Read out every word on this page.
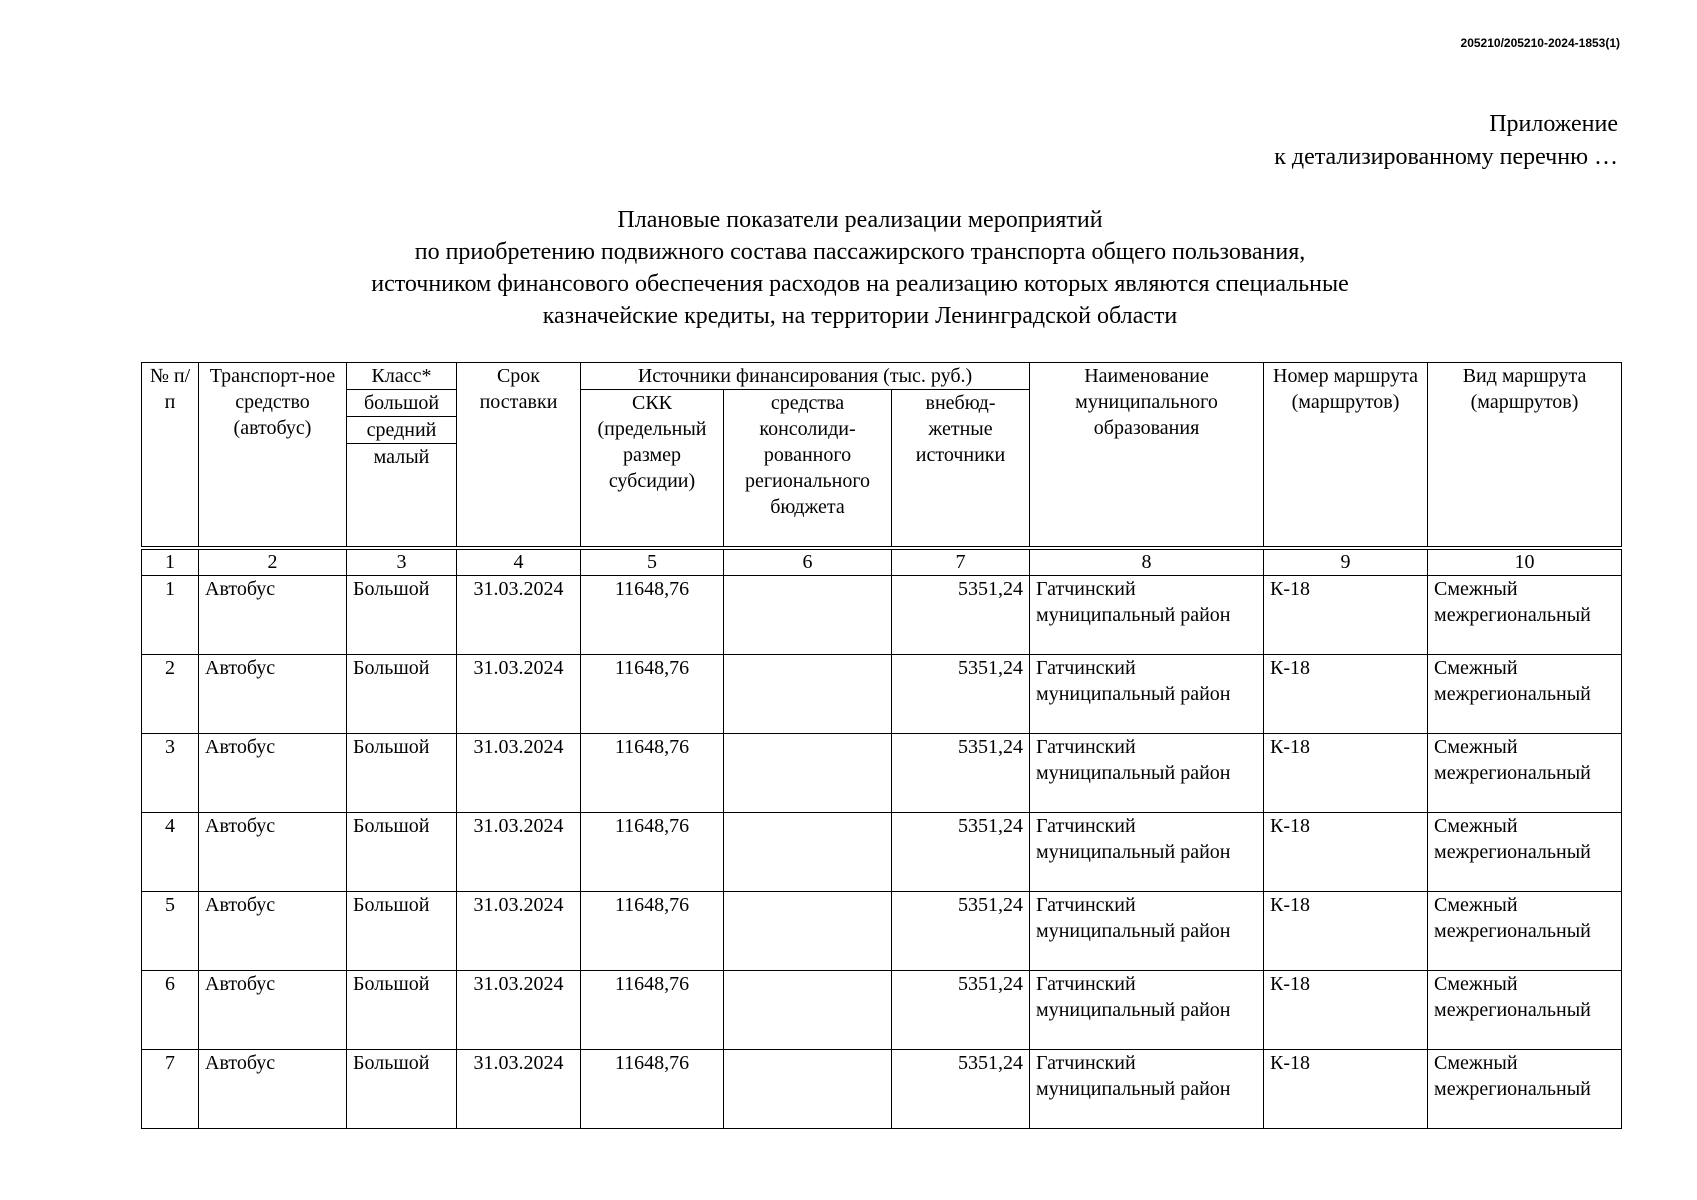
205210/205210-2024-1853(1)
Приложение
к детализированному перечню …
Плановые показатели реализации мероприятий
по приобретению подвижного состава пассажирского транспорта общего пользования,
источником финансового обеспечения расходов на реализацию которых являются специальные
казначейские кредиты, на территории Ленинградской области
№ п/п	Транспорт-ное средство (автобус)	Класс*	Срок поставки	Источники финансирования (тыс. руб.)			Наименование муниципального образования	Номер маршрута (маршрутов)	Вид маршрута (маршрутов)
		большой		СКК (предельный размер субсидии)	средства консолиди-рованного регионального бюджета	внебюд-жетные источники			
		средний							
		малый							

1	2	3	4	5	6	7	8	9	10
1	Автобус	Большой	31.03.2024	11648,76		5351,24	Гатчинский муниципальный район	К-18	Смежный межрегиональный
2	Автобус	Большой	31.03.2024	11648,76		5351,24	Гатчинский муниципальный район	К-18	Смежный межрегиональный
3	Автобус	Большой	31.03.2024	11648,76		5351,24	Гатчинский муниципальный район	К-18	Смежный межрегиональный
4	Автобус	Большой	31.03.2024	11648,76		5351,24	Гатчинский муниципальный район	К-18	Смежный межрегиональный
5	Автобус	Большой	31.03.2024	11648,76		5351,24	Гатчинский муниципальный район	К-18	Смежный межрегиональный
6	Автобус	Большой	31.03.2024	11648,76		5351,24	Гатчинский муниципальный район	К-18	Смежный межрегиональный
7	Автобус	Большой	31.03.2024	11648,76		5351,24	Гатчинский муниципальный район	К-18	Смежный межрегиональный
